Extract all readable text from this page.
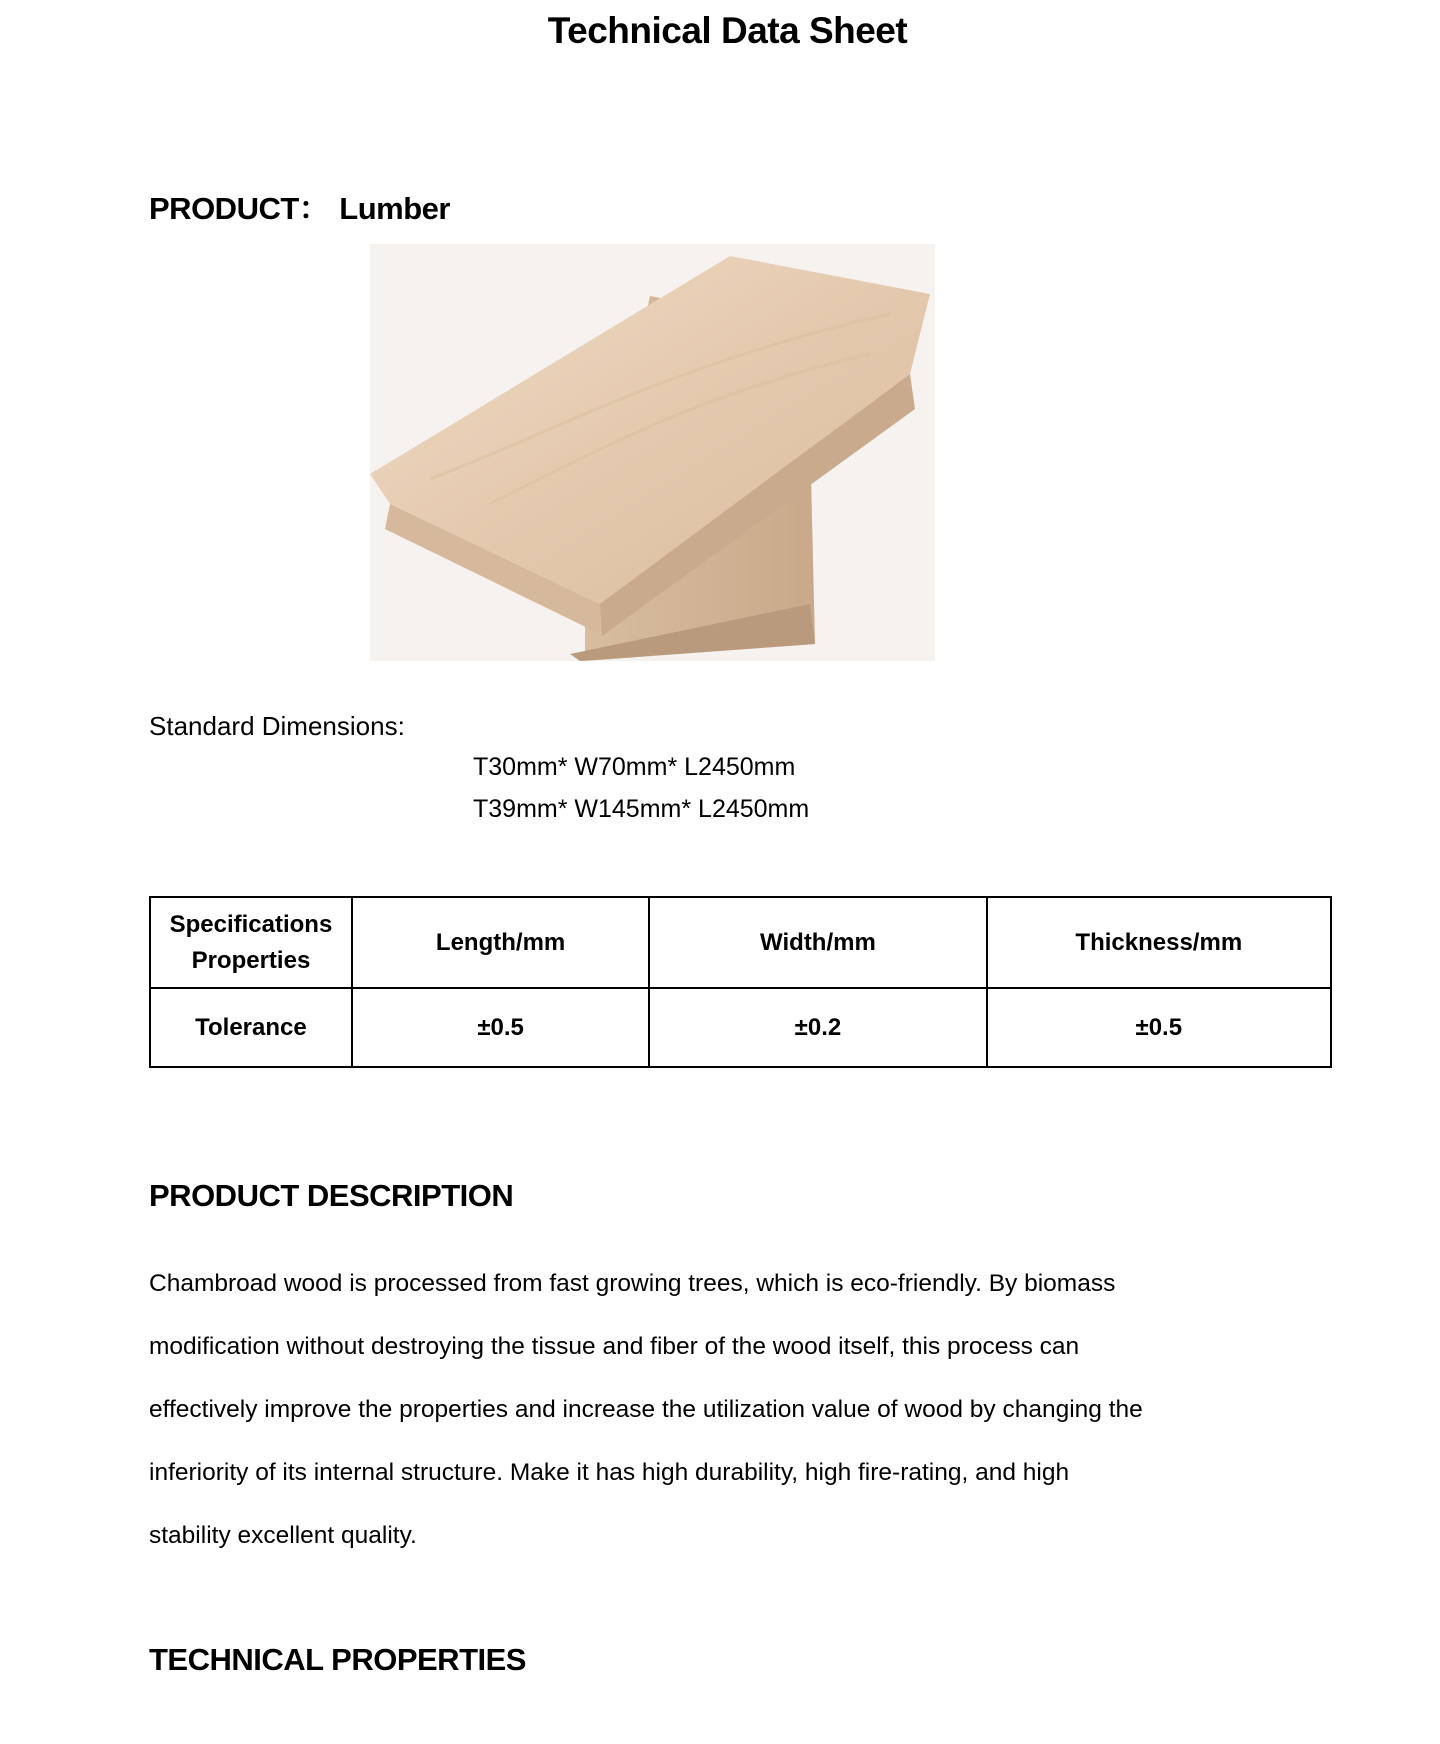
Technical Data Sheet
PRODUCT： Lumber
Standard Dimensions:
T30mm* W70mm* L2450mm
T39mm* W145mm* L2450mm
Specifications
Properties	Length/mm	Width/mm	Thickness/mm
Tolerance	±0.5	±0.2	±0.5
PRODUCT DESCRIPTION
Chambroad wood is processed from fast growing trees, which is eco-friendly. By biomass
modification without destroying the tissue and fiber of the wood itself, this process can
effectively improve the properties and increase the utilization value of wood by changing the
inferiority of its internal structure. Make it has high durability, high fire-rating, and high
stability excellent quality.
TECHNICAL PROPERTIES
